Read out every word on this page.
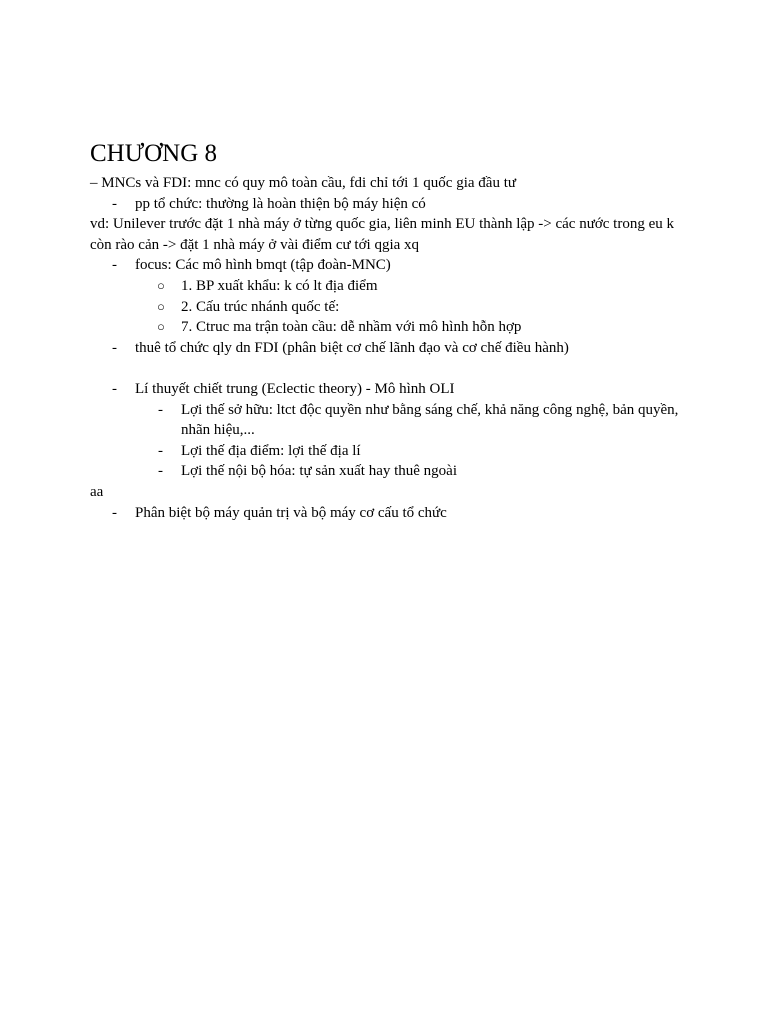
CHƯƠNG 8

– MNCs và FDI: mnc có quy mô toàn cầu, fdi chỉ tới 1 quốc gia đầu tư

- pp tổ chức: thường là hoàn thiện bộ máy hiện có

vd: Unilever trước đặt 1 nhà máy ở từng quốc gia, liên minh EU thành lập -> các nước trong eu k còn rào cản -> đặt 1 nhà máy ở vài điểm cư tới qgia xq

- focus: Các mô hình bmqt (tập đoàn-MNC)

○ 1. BP xuất khẩu: k có lt địa điểm

○ 2. Cấu trúc nhánh quốc tế:

○ 7. Ctruc ma trận toàn cầu: dễ nhầm với mô hình hỗn hợp

- thuê tổ chức qly dn FDI (phân biệt cơ chế lãnh đạo và cơ chế điều hành)

- Lí thuyết chiết trung (Eclectic theory) - Mô hình OLI

- Lợi thế sở hữu: ltct độc quyền như bằng sáng chế, khả năng công nghệ, bản quyền, nhãn hiệu,...

- Lợi thế địa điểm: lợi thế địa lí

- Lợi thế nội bộ hóa: tự sản xuất hay thuê ngoài

aa

- Phân biệt bộ máy quản trị và bộ máy cơ cấu tổ chức
